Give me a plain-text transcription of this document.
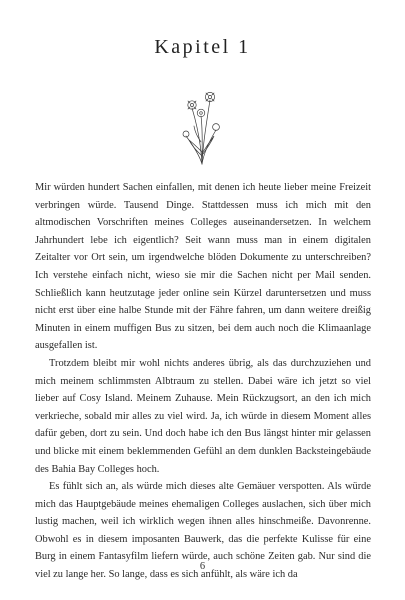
Kapitel 1

Mir würden hundert Sachen einfallen, mit denen ich heute lieber meine Freizeit verbringen würde. Tausend Dinge. Stattdessen muss ich mich mit den altmodischen Vorschriften meines Colleges auseinandersetzen. In welchem Jahrhundert lebe ich eigentlich? Seit wann muss man in einem digitalen Zeitalter vor Ort sein, um irgendwelche blöden Dokumente zu unterschreiben? Ich verstehe einfach nicht, wieso sie mir die Sachen nicht per Mail senden. Schließlich kann heutzutage jeder online sein Kürzel daruntersetzen und muss nicht erst über eine halbe Stunde mit der Fähre fahren, um dann weitere dreißig Minuten in einem muffigen Bus zu sitzen, bei dem auch noch die Klimaanlage ausgefallen ist.

Trotzdem bleibt mir wohl nichts anderes übrig, als das durchzuziehen und mich meinem schlimmsten Albtraum zu stellen. Dabei wäre ich jetzt so viel lieber auf Cosy Island. Meinem Zuhause. Mein Rückzugsort, an den ich mich verkrieche, sobald mir alles zu viel wird. Ja, ich würde in diesem Moment alles dafür geben, dort zu sein. Und doch habe ich den Bus längst hinter mir gelassen und blicke mit einem beklemmenden Gefühl an dem dunklen Backsteingebäude des Bahia Bay Colleges hoch.

Es fühlt sich an, als würde mich dieses alte Gemäuer verspotten. Als würde mich das Hauptgebäude meines ehemaligen Colleges auslachen, sich über mich lustig machen, weil ich wirklich wegen ihnen alles hinschmeiße. Davonrenne. Obwohl es in diesem imposanten Bauwerk, das die perfekte Kulisse für eine Burg in einem Fantasyfilm liefern würde, auch schöne Zeiten gab. Nur sind die viel zu lange her. So lange, dass es sich anfühlt, als wäre ich da

6
